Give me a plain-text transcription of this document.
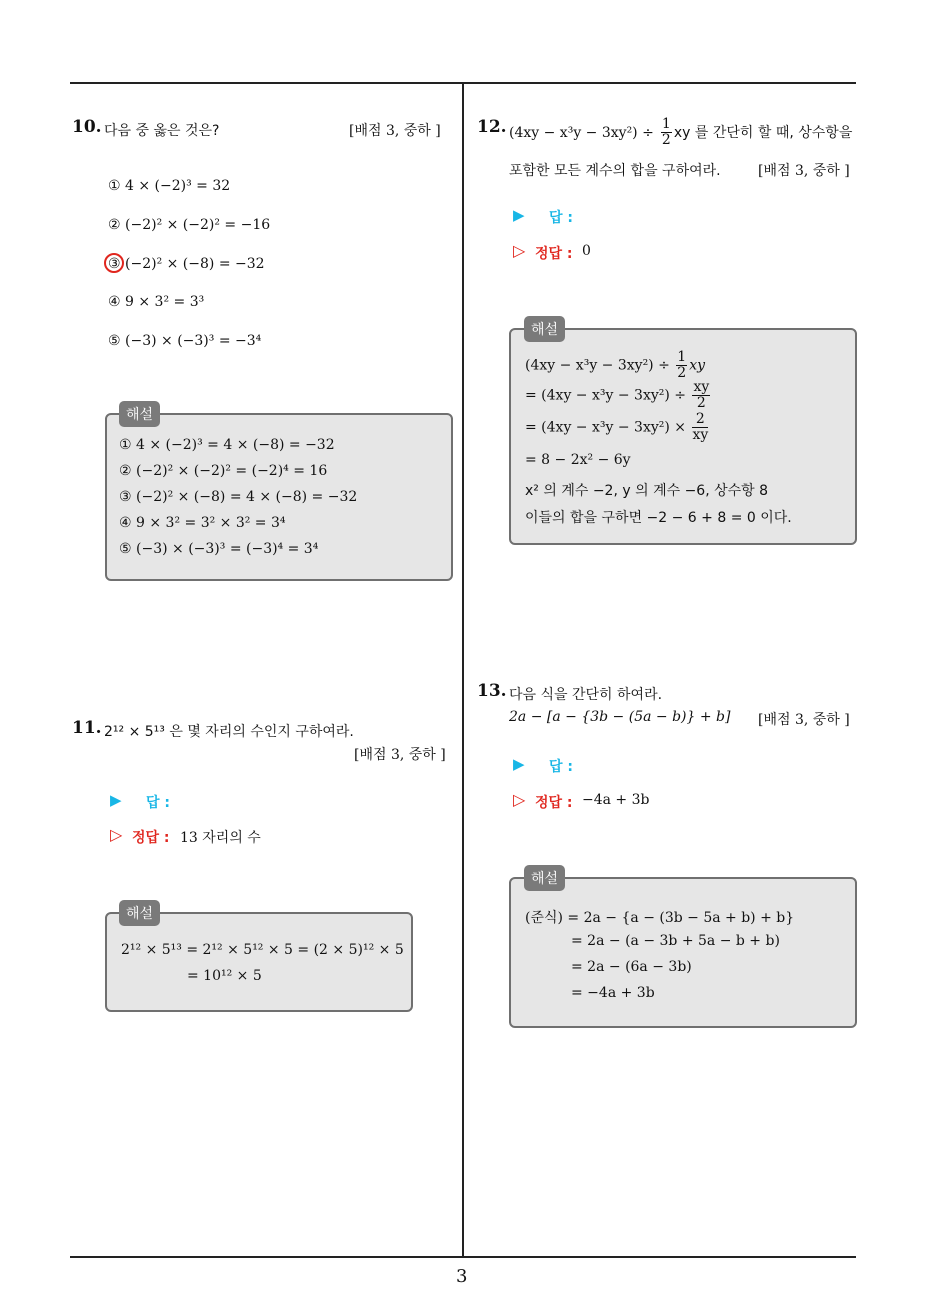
10. 다음 중 옳은 것은?	[배점 3, 중하 ]
① 4 × (−2)³ = 32
② (−2)² × (−2)² = −16
③ (−2)² × (−8) = −32
④ 9 × 3² = 3³
⑤ (−3) × (−3)³ = −3⁴
① 4 × (−2)³ = 4 × (−8) = −32
② (−2)² × (−2)² = (−2)⁴ = 16
③ (−2)² × (−8) = 4 × (−8) = −32
④ 9 × 3² = 3² × 3² = 3⁴
⑤ (−3) × (−3)³ = (−3)⁴ = 3⁴
해설
11. 2¹² × 5¹³ 은 몇 자리의 수인지 구하여라.
[배점 3, 중하 ]
▶ 답 :
▷ 정답 : 13 자리의 수
2¹² × 5¹³ = 2¹² × 5¹² × 5 = (2 × 5)¹² × 5
= 10¹² × 5
해설
12. $(4xy - x^3y - 3xy^2) \div \frac{1}{2}$ xy 를 간단히 할 때, 상수항을
포함한 모든 계수의 합을 구하여라.	[배점 3, 중하 ]
▶ 답 :
▷ 정답 : 0
$(4xy - x^3y - 3xy^2) \div \frac{1}{2}$ xy
= $(4xy - x^3y - 3xy^2) \div \frac{xy}{2}$
= $(4xy - x^3y - 3xy^2) \times \frac{2}{xy}$
= 8 − 2x² − 6y
x² 의 계수 −2, y 의 계수 −6, 상수항 8
이들의 합을 구하면 −2 − 6 + 8 = 0 이다.
해설
13. 다음 식을 간단히 하여라.
2a − [a − {3b − (5a − b)} + b] [배점 3, 중하 ]
▶ 답 :
▷ 정답 : −4a + 3b
(준식) = 2a − {a − (3b − 5a + b) + b}
= 2a − (a − 3b + 5a − b + b)
= 2a − (6a − 3b)
= −4a + 3b
해설
3
